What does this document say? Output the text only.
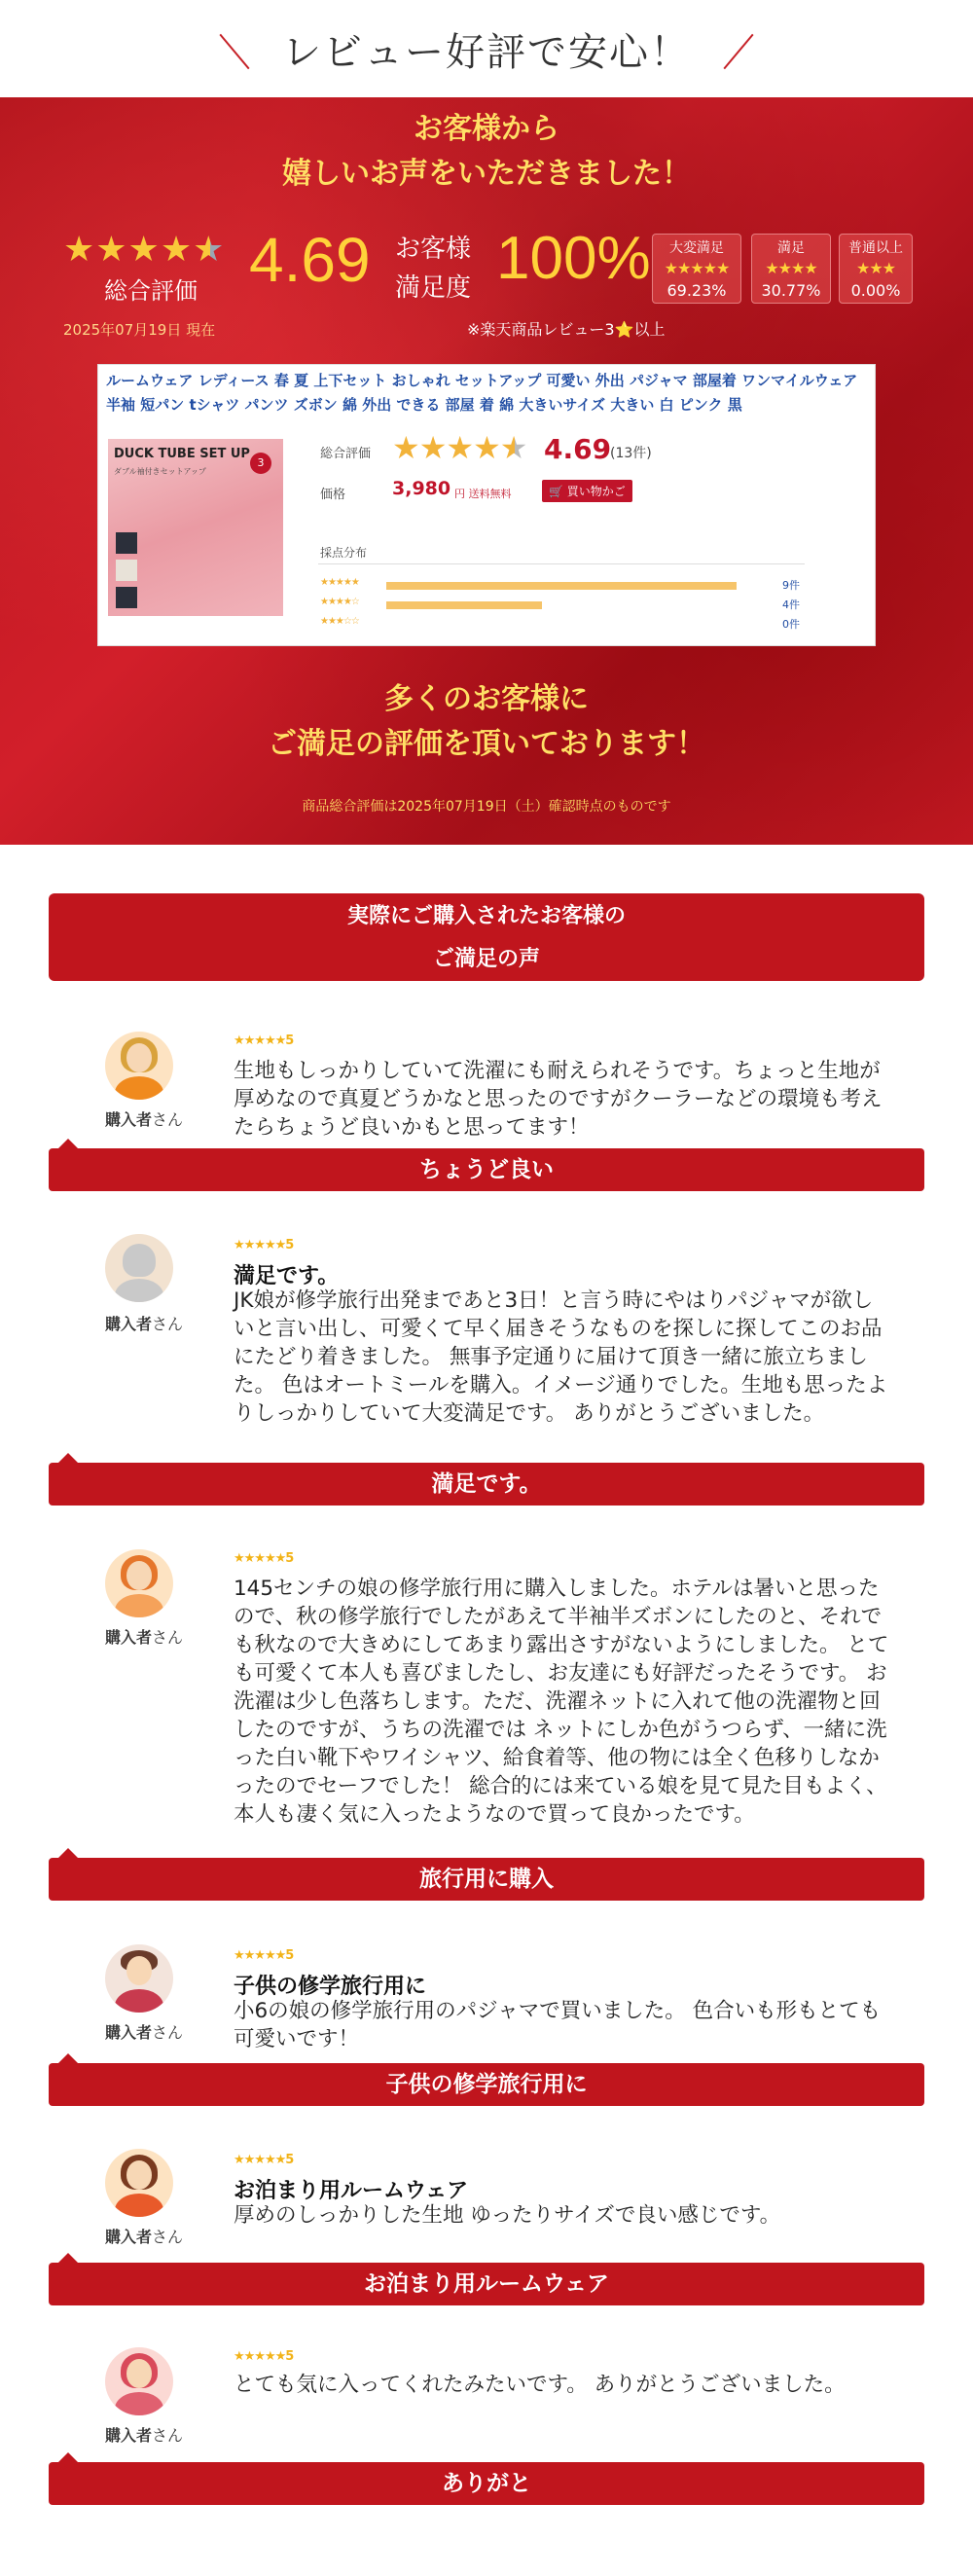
レビュー好評で安心！
お客様から
嬉しいお声をいただきました！
★★★★★
総合評価
2025年07月19日 現在
4.69 お客様
満足度 100%
※楽天商品レビュー3⭐以上
大変満足
★★★★★
69.23%
満足
★★★★
30.77%
普通以上
★★★
0.00%
ルームウェア レディース 春 夏 上下セット おしゃれ セットアップ 可愛い 外出 パジャマ 部屋着 ワンマイルウェア 半袖 短パン tシャツ パンツ ズボン 綿 外出 できる 部屋 着 綿 大きいサイズ 大きい 白 ピンク 黒
DUCK TUBE SET UP
ダブル袖付きセットアップ
3
総合評価 ★★★★★ 4.69
(13件)
価格	3,980 円 送料無料	🛒 買い物かご
採点分布
★★★★★	9件
★★★★☆	4件
★★★☆☆	0件
多くのお客様に
ご満足の評価を頂いております！
商品総合評価は2025年07月19日（土）確認時点のものです
実際にご購入されたお客様の
ご満足の声
購入者さん
★★★★★5
生地もしっかりしていて洗濯にも耐えられそうです。ちょっと生地が厚めなので真夏どうかなと思ったのですがクーラーなどの環境も考えたらちょうど良いかもと思ってます！
ちょうど良い
購入者さん
★★★★★5
満足です。
JK娘が修学旅行出発まであと3日！と言う時にやはりパジャマが欲しいと言い出し、可愛くて早く届きそうなものを探しに探してこのお品にたどり着きました。 無事予定通りに届けて頂き一緒に旅立ちました。 色はオートミールを購入。イメージ通りでした。生地も思ったよりしっかりしていて大変満足です。 ありがとうございました。
満足です。
購入者さん
★★★★★5
145センチの娘の修学旅行用に購入しました。ホテルは暑いと思ったので、秋の修学旅行でしたがあえて半袖半ズボンにしたのと、それでも秋なので大きめにしてあまり露出さすがないようにしました。 とても可愛くて本人も喜びましたし、お友達にも好評だったそうです。 お洗濯は少し色落ちします。ただ、洗濯ネットに入れて他の洗濯物と回したのですが、うちの洗濯では ネットにしか色がうつらず、一緒に洗った白い靴下やワイシャツ、給食着等、他の物には全く色移りしなかったのでセーフでした！ 総合的には来ている娘を見て見た目もよく、本人も凄く気に入ったようなので買って良かったです。
旅行用に購入
購入者さん
★★★★★5
子供の修学旅行用に
小6の娘の修学旅行用のパジャマで買いました。 色合いも形もとても可愛いです！
子供の修学旅行用に
購入者さん
★★★★★5
お泊まり用ルームウェア
厚めのしっかりした生地 ゆったりサイズで良い感じです。
お泊まり用ルームウェア
購入者さん
★★★★★5
とても気に入ってくれたみたいです。 ありがとうございました。
ありがと
